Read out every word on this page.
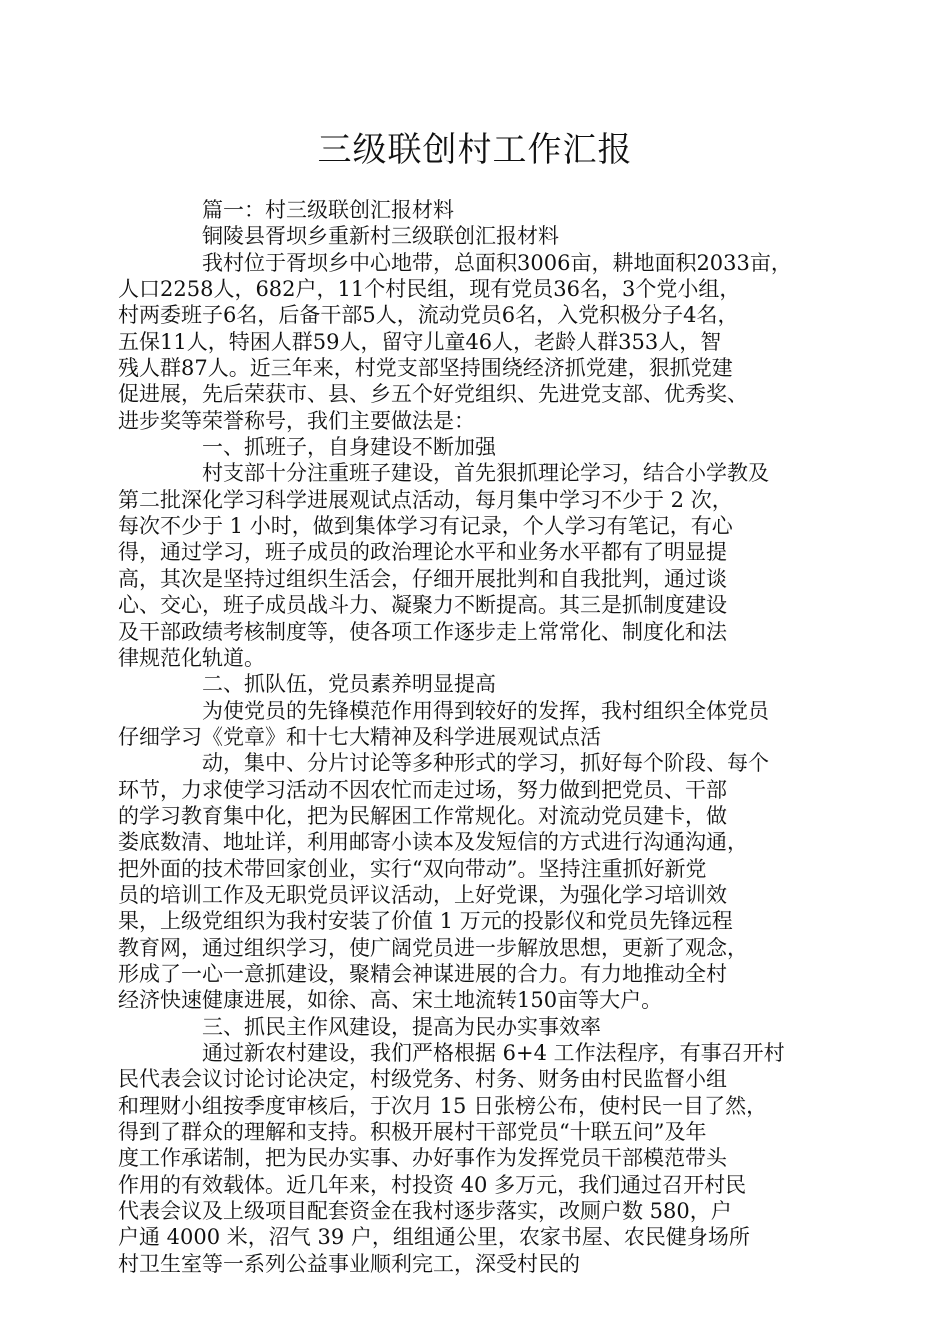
三级联创村工作汇报
篇一：村三级联创汇报材料
铜陵县胥坝乡重新村三级联创汇报材料
我村位于胥坝乡中心地带，总面积3006亩，耕地面积2033亩，
人口2258人，682户，11个村民组，现有党员36名，3个党小组，
村两委班子6名，后备干部5人，流动党员6名，入党积极分子4名，
五保11人，特困人群59人，留守儿童46人，老龄人群353人，智
残人群87人。近三年来，村党支部坚持围绕经济抓党建，狠抓党建
促进展，先后荣获市、县、乡五个好党组织、先进党支部、优秀奖、
进步奖等荣誉称号，我们主要做法是：
一、抓班子，自身建设不断加强
村支部十分注重班子建设，首先狠抓理论学习，结合小学教及
第二批深化学习科学进展观试点活动，每月集中学习不少于 2 次，
每次不少于 1 小时，做到集体学习有记录，个人学习有笔记，有心
得，通过学习，班子成员的政治理论水平和业务水平都有了明显提
高，其次是坚持过组织生活会，仔细开展批判和自我批判，通过谈
心、交心，班子成员战斗力、凝聚力不断提高。其三是抓制度建设
及干部政绩考核制度等，使各项工作逐步走上常常化、制度化和法
律规范化轨道。
二、抓队伍，党员素养明显提高
为使党员的先锋模范作用得到较好的发挥，我村组织全体党员
仔细学习《党章》和十七大精神及科学进展观试点活
动，集中、分片讨论等多种形式的学习，抓好每个阶段、每个
环节，力求使学习活动不因农忙而走过场，努力做到把党员、干部
的学习教育集中化，把为民解困工作常规化。对流动党员建卡，做
娄底数清、地址详，利用邮寄小读本及发短信的方式进行沟通沟通，
把外面的技术带回家创业，实行“双向带动”。坚持注重抓好新党
员的培训工作及无职党员评议活动，上好党课，为强化学习培训效
果，上级党组织为我村安装了价值 1 万元的投影仪和党员先锋远程
教育网，通过组织学习，使广阔党员进一步解放思想，更新了观念，
形成了一心一意抓建设，聚精会神谋进展的合力。有力地推动全村
经济快速健康进展，如徐、高、宋土地流转150亩等大户。
三、抓民主作风建设，提高为民办实事效率
通过新农村建设，我们严格根据 6+4 工作法程序，有事召开村
民代表会议讨论讨论决定，村级党务、村务、财务由村民监督小组
和理财小组按季度审核后，于次月 15 日张榜公布，使村民一目了然，
得到了群众的理解和支持。积极开展村干部党员“十联五问”及年
度工作承诺制，把为民办实事、办好事作为发挥党员干部模范带头
作用的有效载体。近几年来，村投资 40 多万元，我们通过召开村民
代表会议及上级项目配套资金在我村逐步落实，改厕户数 580，户
户通 4000 米，沼气 39 户，组组通公里，农家书屋、农民健身场所
村卫生室等一系列公益事业顺利完工，深受村民的
